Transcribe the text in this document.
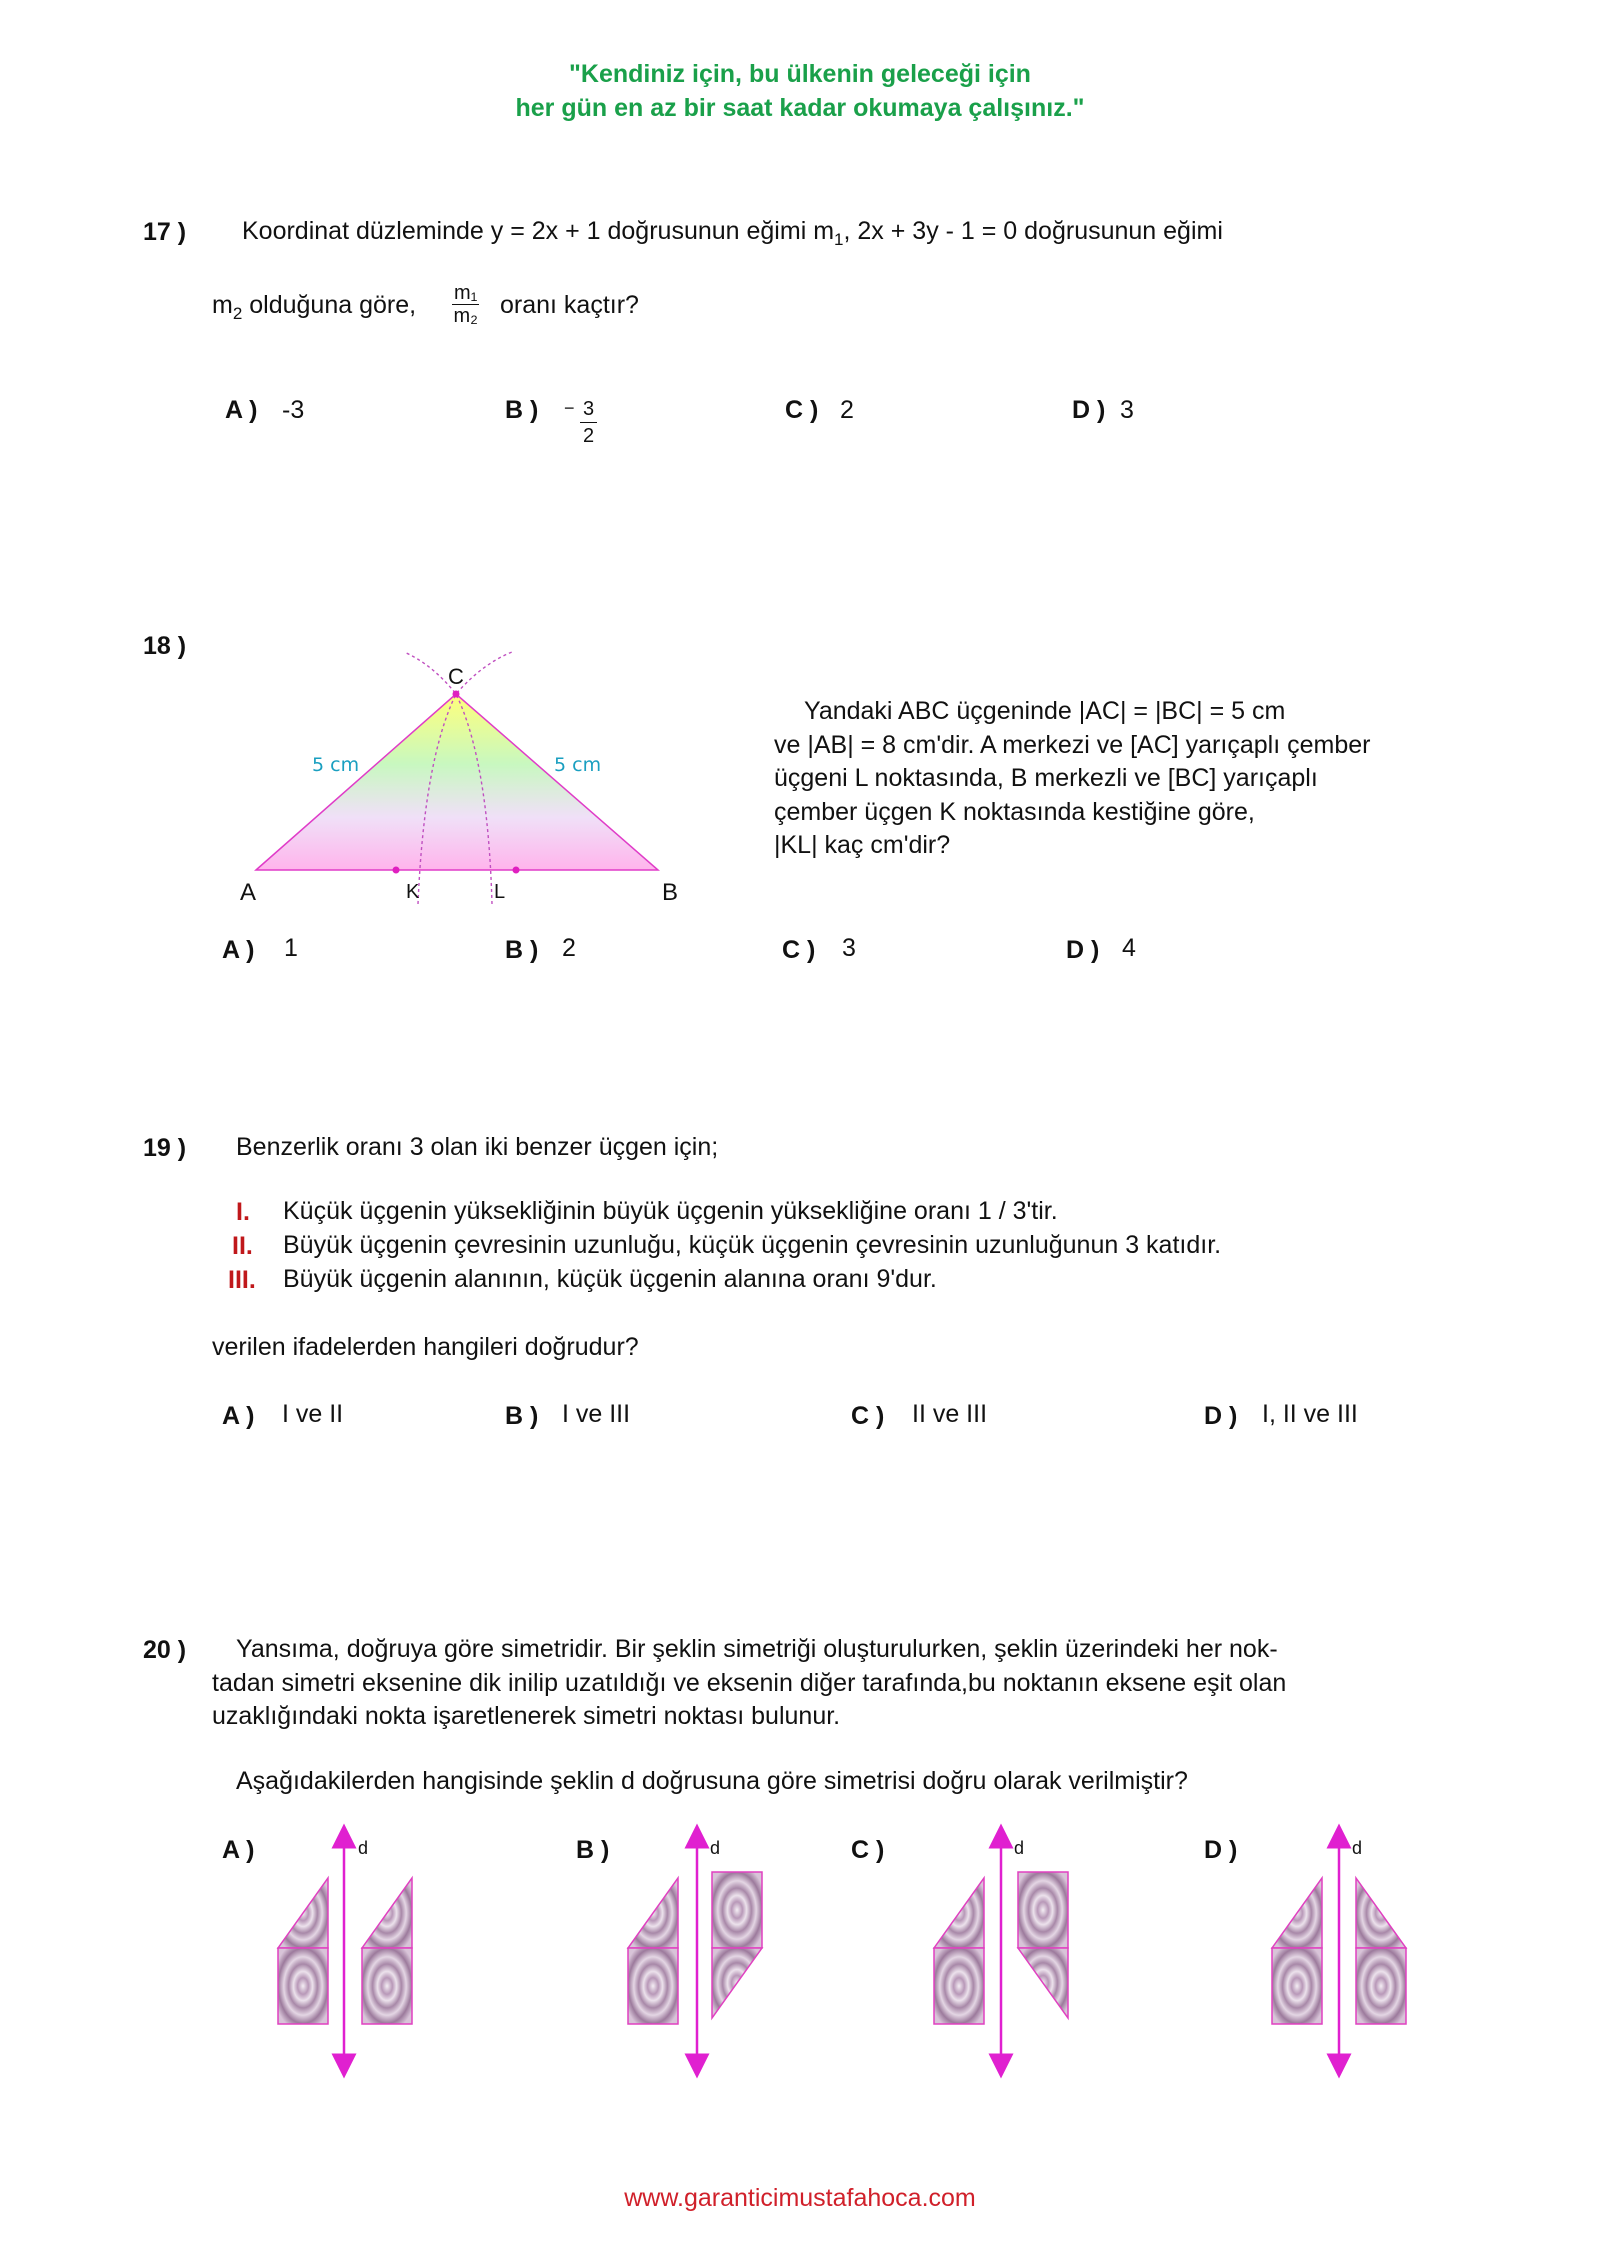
"Kendiniz için, bu ülkenin geleceği için
her gün en az bir saat kadar okumaya çalışınız."
17 ) Koordinat düzleminde y = 2x + 1 doğrusunun eğimi $m_1$, 2x + 3y - 1 = 0 doğrusunun eğimi
$m_2$ olduğuna göre, $\frac{\text{m₁}}{\text{m₂}}$ oranı kaçtır?
A ) -3	B ) − $\frac{3}{2}$	C ) 2	D ) 3
18 )
C
A	B
K	L
5 cm	5 cm
Yandaki ABC üçgeninde |AC| = |BC| = 5 cm
ve |AB| = 8 cm'dir. A merkezi ve [AC] yarıçaplı çember
üçgeni L noktasında, B merkezli ve [BC] yarıçaplı
çember üçgen K noktasında kestiğine göre,
|KL| kaç cm'dir?
A ) 1	B ) 2	C ) 3	D ) 4
19 ) Benzerlik oranı 3 olan iki benzer üçgen için;
I. Küçük üçgenin yüksekliğinin büyük üçgenin yüksekliğine oranı 1 / 3'tir.
II. Büyük üçgenin çevresinin uzunluğu, küçük üçgenin çevresinin uzunluğunun 3 katıdır.
III. Büyük üçgenin alanının, küçük üçgenin alanına oranı 9'dur.
verilen ifadelerden hangileri doğrudur?
A ) I ve II	B ) I ve III	C ) II ve III	D ) I, II ve III
20 ) Yansıma, doğruya göre simetridir. Bir şeklin simetriği oluşturulurken, şeklin üzerindeki her nok-
tadan simetri eksenine dik inilip uzatıldığı ve eksenin diğer tarafında,bu noktanın eksene eşit olan
uzaklığındaki nokta işaretlenerek simetri noktası bulunur.
Aşağıdakilerden hangisinde şeklin d doğrusuna göre simetrisi doğru olarak verilmiştir?
A )	B )	C )	D )
d	d	d	d
www.garanticimustafahoca.com
